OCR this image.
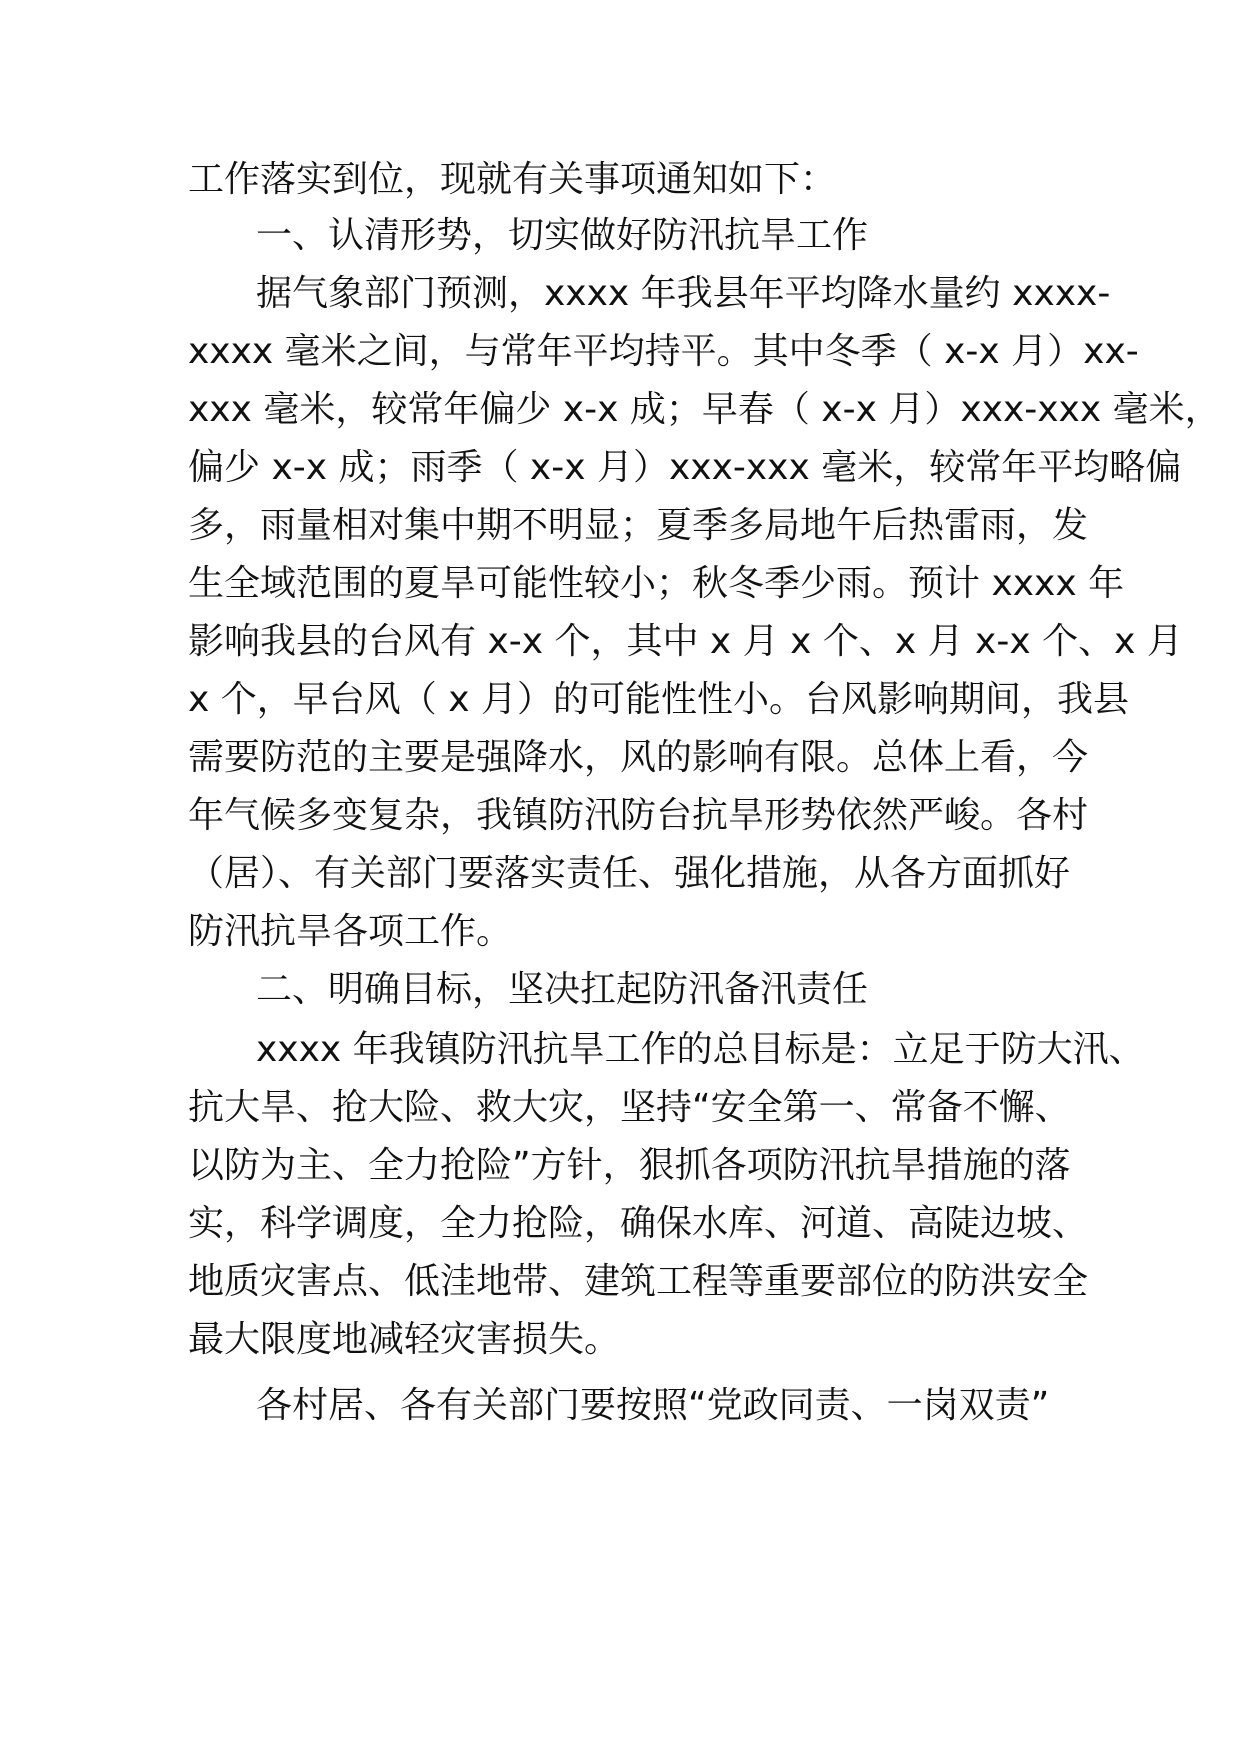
工作落实到位，现就有关事项通知如下：
一、认清形势，切实做好防汛抗旱工作
据气象部门预测，xxxx 年我县年平均降水量约 xxxx-
xxxx 毫米之间，与常年平均持平。其中冬季（ x-x 月）xx-
xxx 毫米，较常年偏少 x-x 成；早春（ x-x 月）xxx-xxx 毫米，
偏少 x-x 成；雨季（ x-x 月）xxx-xxx 毫米，较常年平均略偏
多，雨量相对集中期不明显；夏季多局地午后热雷雨，发
生全域范围的夏旱可能性较小；秋冬季少雨。预计 xxxx 年
影响我县的台风有 x-x 个，其中 x 月 x 个、x 月 x-x 个、x 月
x 个，早台风（ x 月）的可能性性小。台风影响期间，我县
需要防范的主要是强降水，风的影响有限。总体上看，今
年气候多变复杂，我镇防汛防台抗旱形势依然严峻。各村
（居）、有关部门要落实责任、强化措施，从各方面抓好
防汛抗旱各项工作。
二、明确目标，坚决扛起防汛备汛责任
xxxx 年我镇防汛抗旱工作的总目标是：立足于防大汛、
抗大旱、抢大险、救大灾，坚持“安全第一、常备不懈、
以防为主、全力抢险”方针，狠抓各项防汛抗旱措施的落
实，科学调度，全力抢险，确保水库、河道、高陡边坡、
地质灾害点、低洼地带、建筑工程等重要部位的防洪安全
最大限度地减轻灾害损失。
各村居、各有关部门要按照“党政同责、一岗双责”
